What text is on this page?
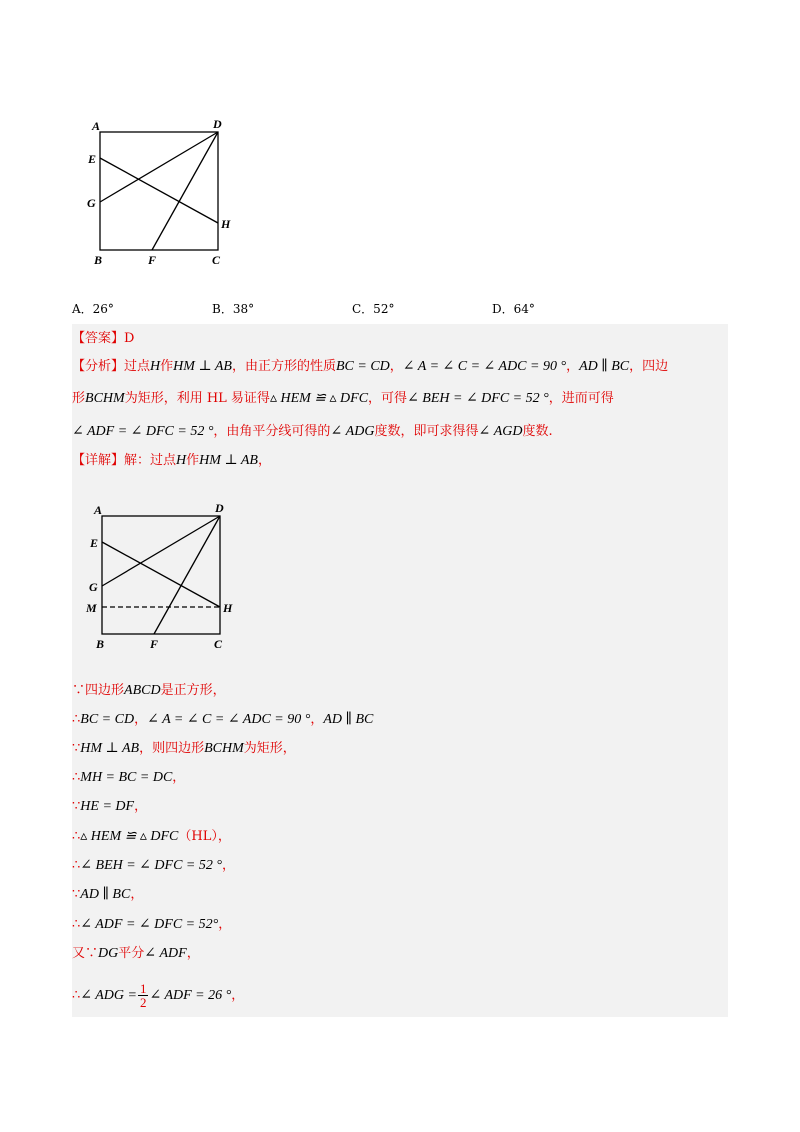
A	D
E
G
H
B	F	C
A．26°	B．38°	C．52°	D．64°
【答案】D
【分析】过点H作HM ⊥ AB，由正方形的性质BC = CD，∠ A = ∠ C = ∠ ADC = 90 °，AD ∥ BC，四边
形BCHM为矩形，利用 HL 易证得▵ HEM ≌ ▵ DFC，可得∠ BEH = ∠ DFC = 52 °，进而可得
∠ ADF = ∠ DFC = 52 °，由角平分线可得的∠ ADG度数，即可求得得∠ AGD度数.
【详解】解：过点H作HM ⊥ AB，
A	D
E
G
M	H
B	F	C
∵四边形ABCD是正方形，
∴BC = CD，∠ A = ∠ C = ∠ ADC = 90 °，AD ∥ BC
∵HM ⊥ AB，则四边形BCHM为矩形，
∴MH = BC = DC，
∵HE = DF，
∴▵ HEM ≌ ▵ DFC（HL），
∴∠ BEH = ∠ DFC = 52 °，
∵AD ∥ BC，
∴∠ ADF = ∠ DFC = 52°，
又∵DG平分∠ ADF，
∴∠ ADG = $\frac{1}{2}$ ∠ ADF = 26 °，
